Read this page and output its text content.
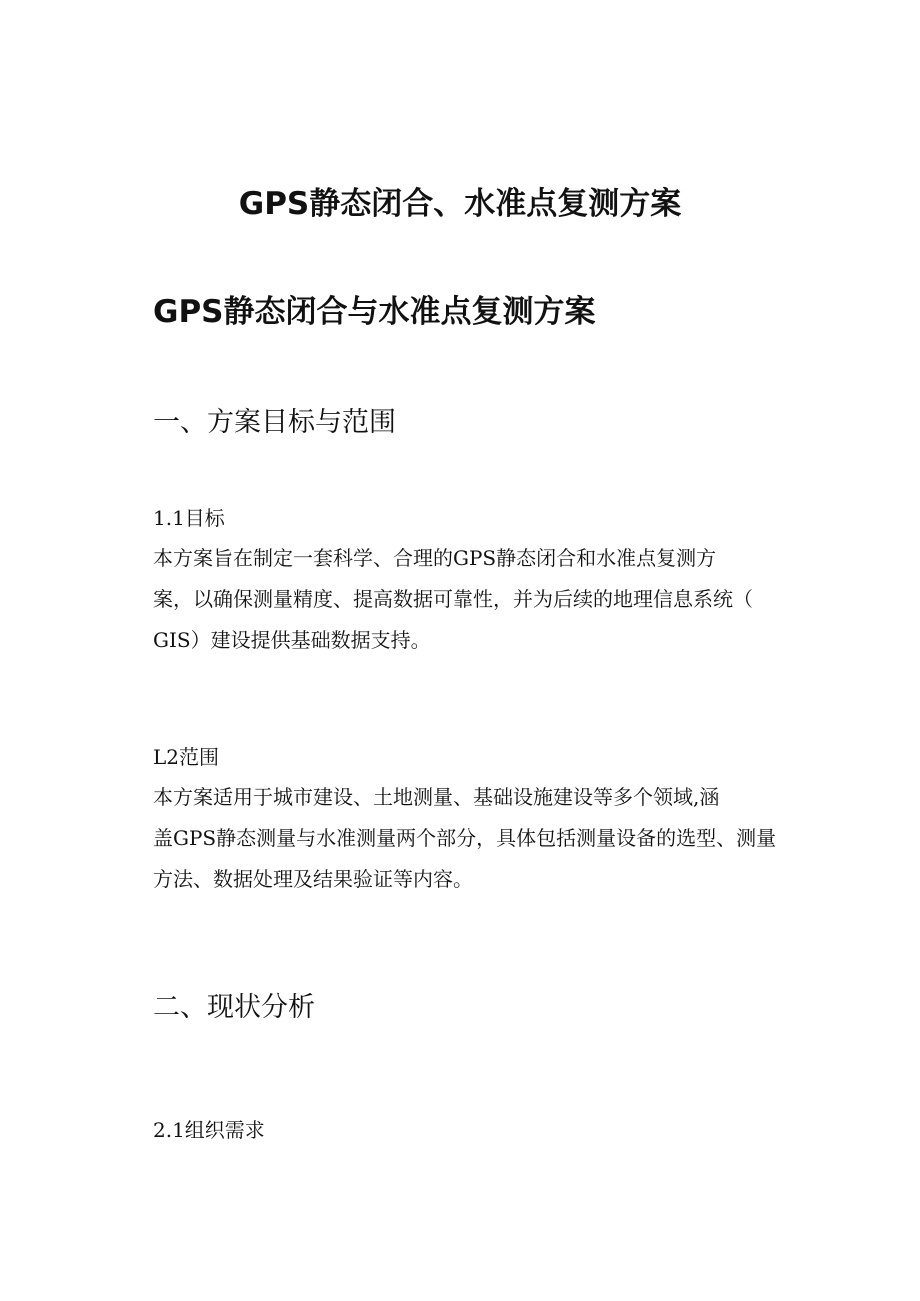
GPS静态闭合、水准点复测方案
GPS静态闭合与水准点复测方案
一、方案目标与范围
1.1目标
本方案旨在制定一套科学、合理的GPS静态闭合和水准点复测方
案，以确保测量精度、提高数据可靠性，并为后续的地理信息系统（
GIS）建设提供基础数据支持。
L2范围
本方案适用于城市建设、土地测量、基础设施建设等多个领域,涵
盖GPS静态测量与水准测量两个部分，具体包括测量设备的选型、测量
方法、数据处理及结果验证等内容。
二、现状分析
2.1组织需求
